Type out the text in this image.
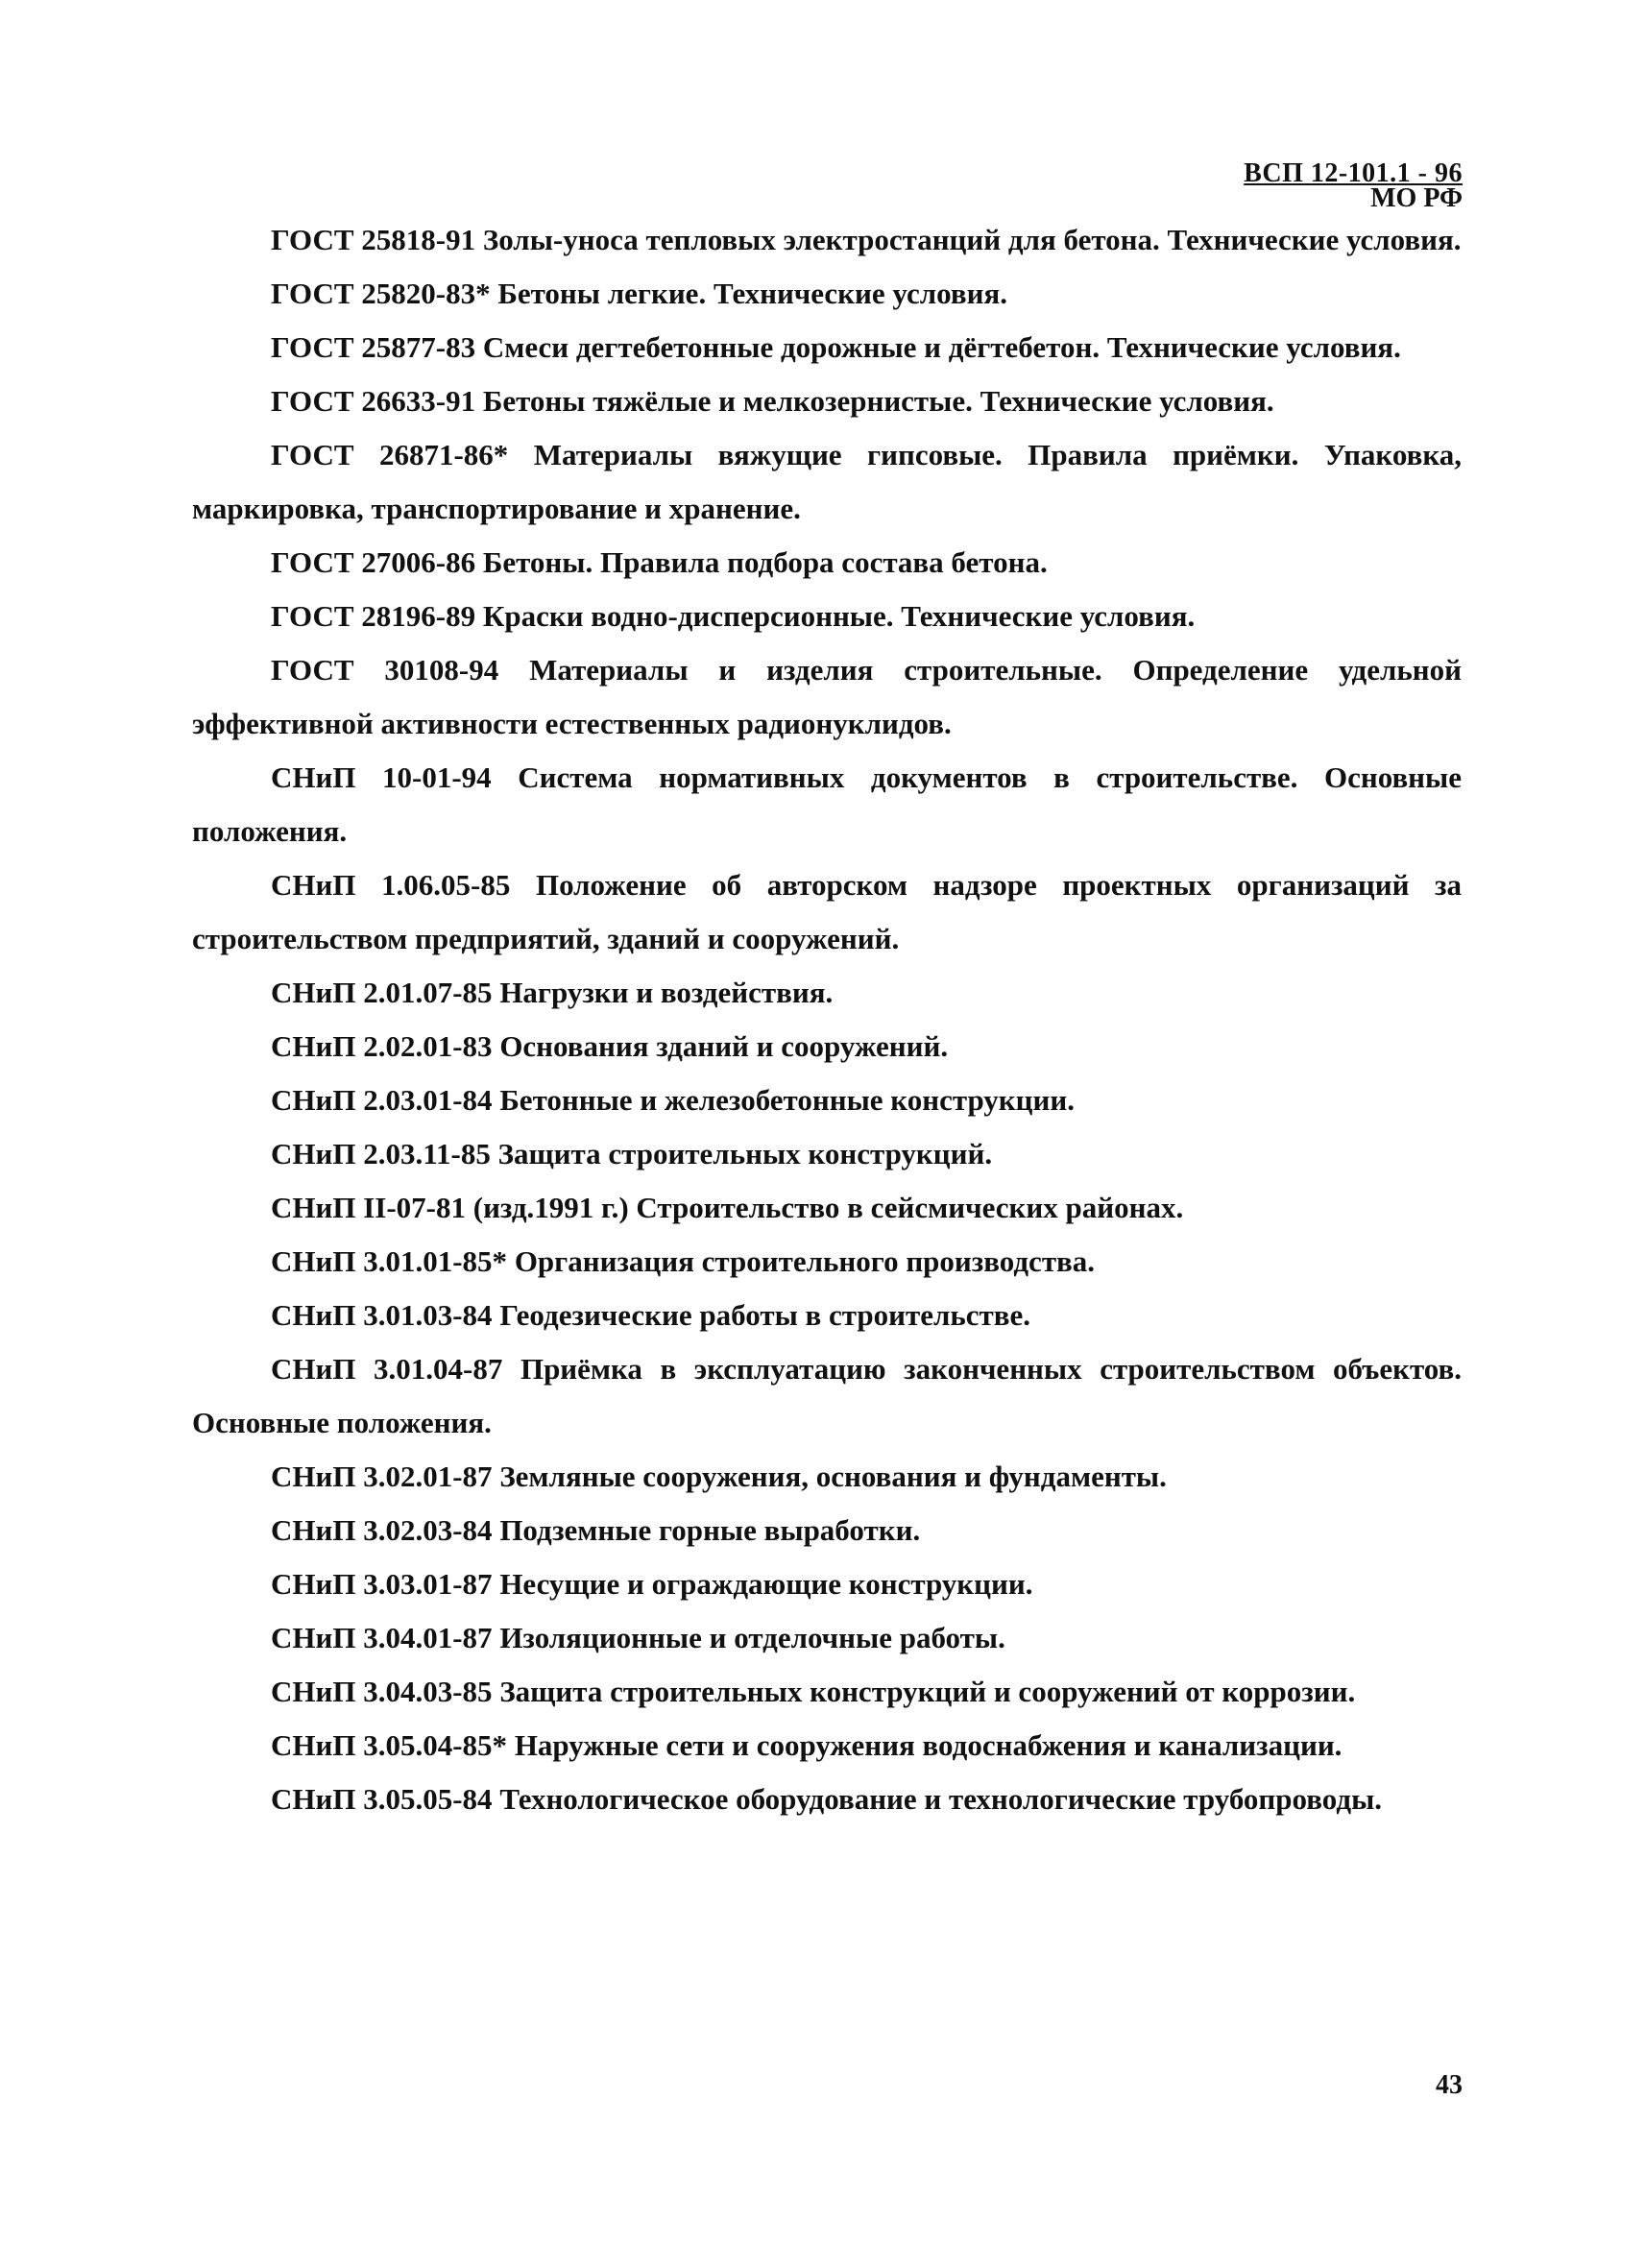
ВСП 12-101.1 - 96
МО РФ

ГОСТ 25818-91 Золы-уноса тепловых электростанций для бетона. Технические условия.

ГОСТ 25820-83* Бетоны легкие. Технические условия.

ГОСТ 25877-83 Смеси дегтебетонные дорожные и дёгтебетон. Технические условия.

ГОСТ 26633-91 Бетоны тяжёлые и мелкозернистые. Технические условия.

ГОСТ 26871-86* Материалы вяжущие гипсовые. Правила приёмки. Упаковка, маркировка, транспортирование и хранение.

ГОСТ 27006-86 Бетоны. Правила подбора состава бетона.

ГОСТ 28196-89 Краски водно-дисперсионные. Технические условия.

ГОСТ 30108-94 Материалы и изделия строительные. Определение удельной эффективной активности естественных радионуклидов.

СНиП 10-01-94 Система нормативных документов в строительстве. Основные положения.

СНиП 1.06.05-85 Положение об авторском надзоре проектных организаций за строительством предприятий, зданий и сооружений.

СНиП 2.01.07-85 Нагрузки и воздействия.

СНиП 2.02.01-83 Основания зданий и сооружений.

СНиП 2.03.01-84 Бетонные и железобетонные конструкции.

СНиП 2.03.11-85 Защита строительных конструкций.

СНиП II-07-81 (изд.1991 г.) Строительство в сейсмических районах.

СНиП 3.01.01-85* Организация строительного производства.

СНиП 3.01.03-84 Геодезические работы в строительстве.

СНиП 3.01.04-87 Приёмка в эксплуатацию законченных строительством объектов. Основные положения.

СНиП 3.02.01-87 Земляные сооружения, основания и фундаменты.

СНиП 3.02.03-84 Подземные горные выработки.

СНиП 3.03.01-87 Несущие и ограждающие конструкции.

СНиП 3.04.01-87 Изоляционные и отделочные работы.

СНиП 3.04.03-85 Защита строительных конструкций и сооружений от коррозии.

СНиП 3.05.04-85* Наружные сети и сооружения водоснабжения и канализации.

СНиП 3.05.05-84 Технологическое оборудование и технологические трубопроводы.

43
